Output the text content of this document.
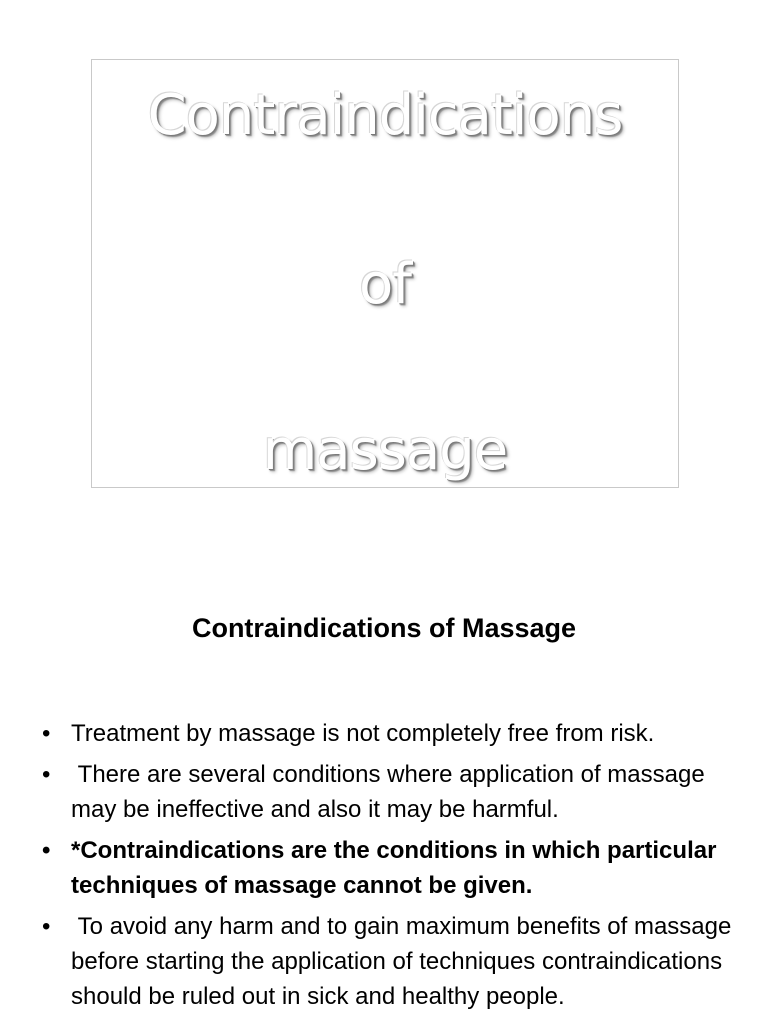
Contraindications
of
massage
Contraindications of Massage
• Treatment by massage is not completely free from risk.
• There are several conditions where application of massage may be ineffective and also it may be harmful.
• *Contraindications are the conditions in which particular techniques of massage cannot be given.
• To avoid any harm and to gain maximum benefits of massage before starting the application of techniques contraindications should be ruled out in sick and healthy people.
